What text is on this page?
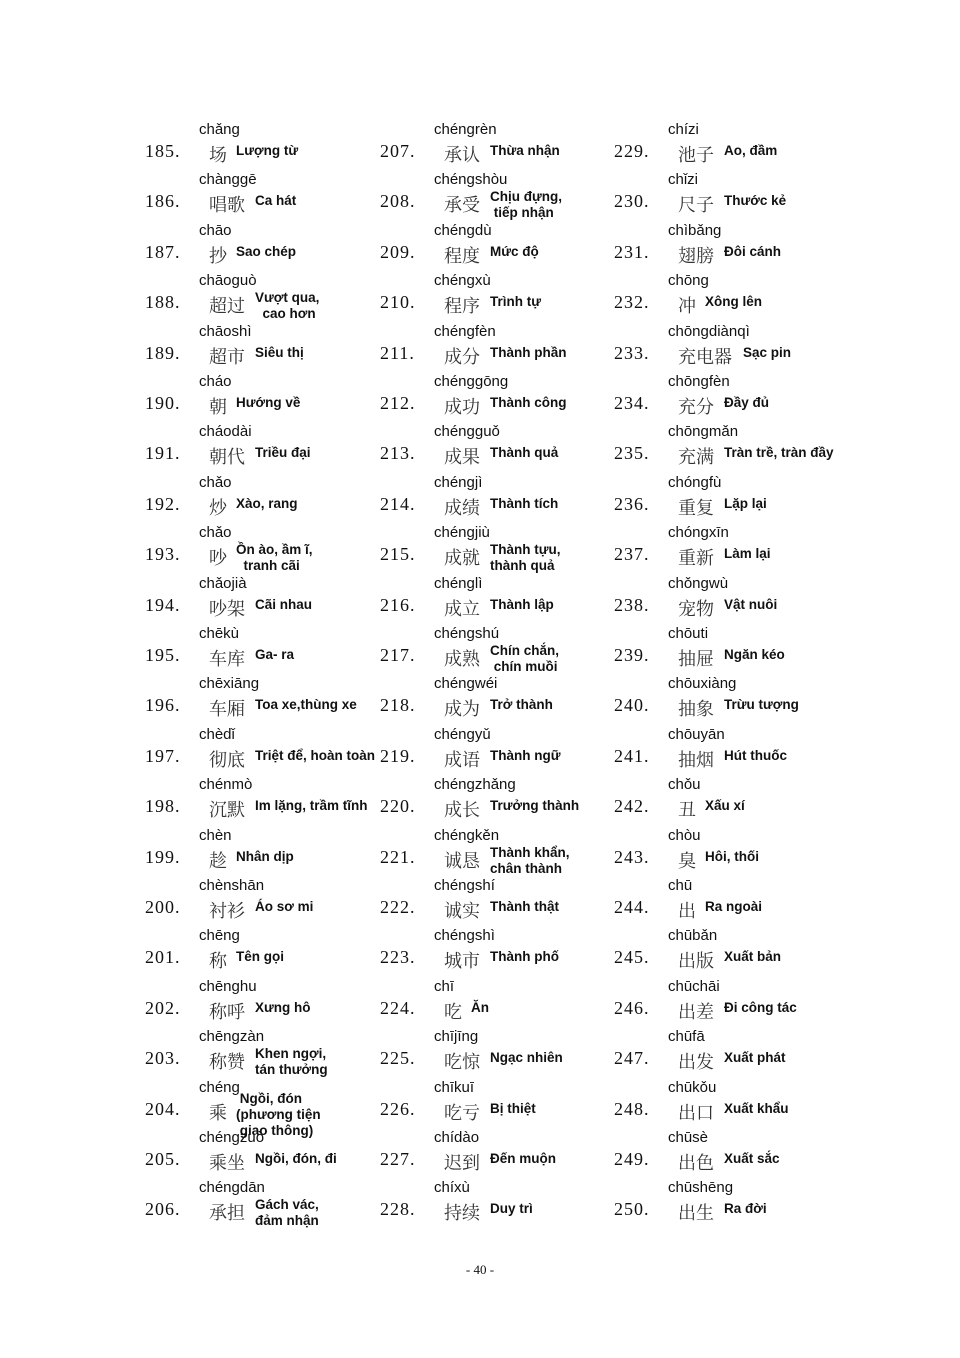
185.
chǎng
场 Lượng từ
186.
chànggē
唱歌 Ca hát
187.
chāo
抄 Sao chép
188.
chāoguò
超过 Vượt qua,
cao hơn
189.
chāoshì
超市 Siêu thị
190.
cháo
朝 Hướng về
191.
cháodài
朝代 Triều đại
192.
chǎo
炒 Xào, rang
193.
chǎo
吵 Ồn ào, ầm ĩ,
tranh cãi
194.
chǎojià
吵架 Cãi nhau
195.
chēkù
车库 Ga- ra
196.
chēxiāng
车厢 Toa xe,thùng xe
197.
chèdǐ
彻底 Triệt để, hoàn toàn
198.
chénmò
沉默 Im lặng, trầm tĩnh
199.
chèn
趁 Nhân dịp
200.
chènshān
衬衫 Áo sơ mi
201.
chēng
称 Tên gọi
202.
chēnghu
称呼 Xưng hô
203.
chēngzàn
称赞 Khen ngợi,
tán thưởng
204.
chéng
乘
Ngồi, đón
(phương tiện
giao thông)
205.
chéngzuò
乘坐 Ngồi, đón, đi
206.
chéngdān
承担 Gách vác,
đảm nhận
207.
chéngrèn
承认 Thừa nhận
208.
chéngshòu
承受 Chịu đựng,
tiếp nhận
209.
chéngdù
程度 Mức độ
210.
chéngxù
程序 Trình tự
211.
chéngfèn
成分 Thành phần
212.
chénggōng
成功 Thành công
213.
chéngguǒ
成果 Thành quả
214.
chéngjì
成绩 Thành tích
215.
chéngjiù
成就 Thành tựu,
thành quả
216.
chénglì
成立 Thành lập
217.
chéngshú
成熟 Chín chắn,
chín muồi
218.
chéngwéi
成为 Trở thành
219.
chéngyǔ
成语 Thành ngữ
220.
chéngzhǎng
成长 Trưởng thành
221.
chéngkěn
诚恳 Thành khẩn,
chân thành
222.
chéngshí
诚实 Thành thật
223.
chéngshì
城市 Thành phố
224.
chī
吃 Ăn
225.
chījīng
吃惊 Ngạc nhiên
226.
chīkuī
吃亏 Bị thiệt
227.
chídào
迟到 Đến muộn
228.
chíxù
持续 Duy trì
229.
chízi
池子 Ao, đầm
230.
chǐzi
尺子 Thước kẻ
231.
chìbǎng
翅膀 Đôi cánh
232.
chōng
冲 Xông lên
233.
chōngdiànqì
充电器 Sạc pin
234.
chōngfèn
充分 Đầy đủ
235.
chōngmǎn
充满 Tràn trề, tràn đầy
236.
chóngfù
重复 Lặp lại
237.
chóngxīn
重新 Làm lại
238.
chǒngwù
宠物 Vật nuôi
239.
chōuti
抽屉 Ngăn kéo
240.
chōuxiàng
抽象 Trừu tượng
241.
chōuyān
抽烟 Hút thuốc
242.
chǒu
丑 Xấu xí
243.
chòu
臭 Hôi, thối
244.
chū
出 Ra ngoài
245.
chūbǎn
出版 Xuất bản
246.
chūchāi
出差 Đi công tác
247.
chūfā
出发 Xuất phát
248.
chūkǒu
出口 Xuất khẩu
249.
chūsè
出色 Xuất sắc
250.
chūshēng
出生 Ra đời
- 40 -
